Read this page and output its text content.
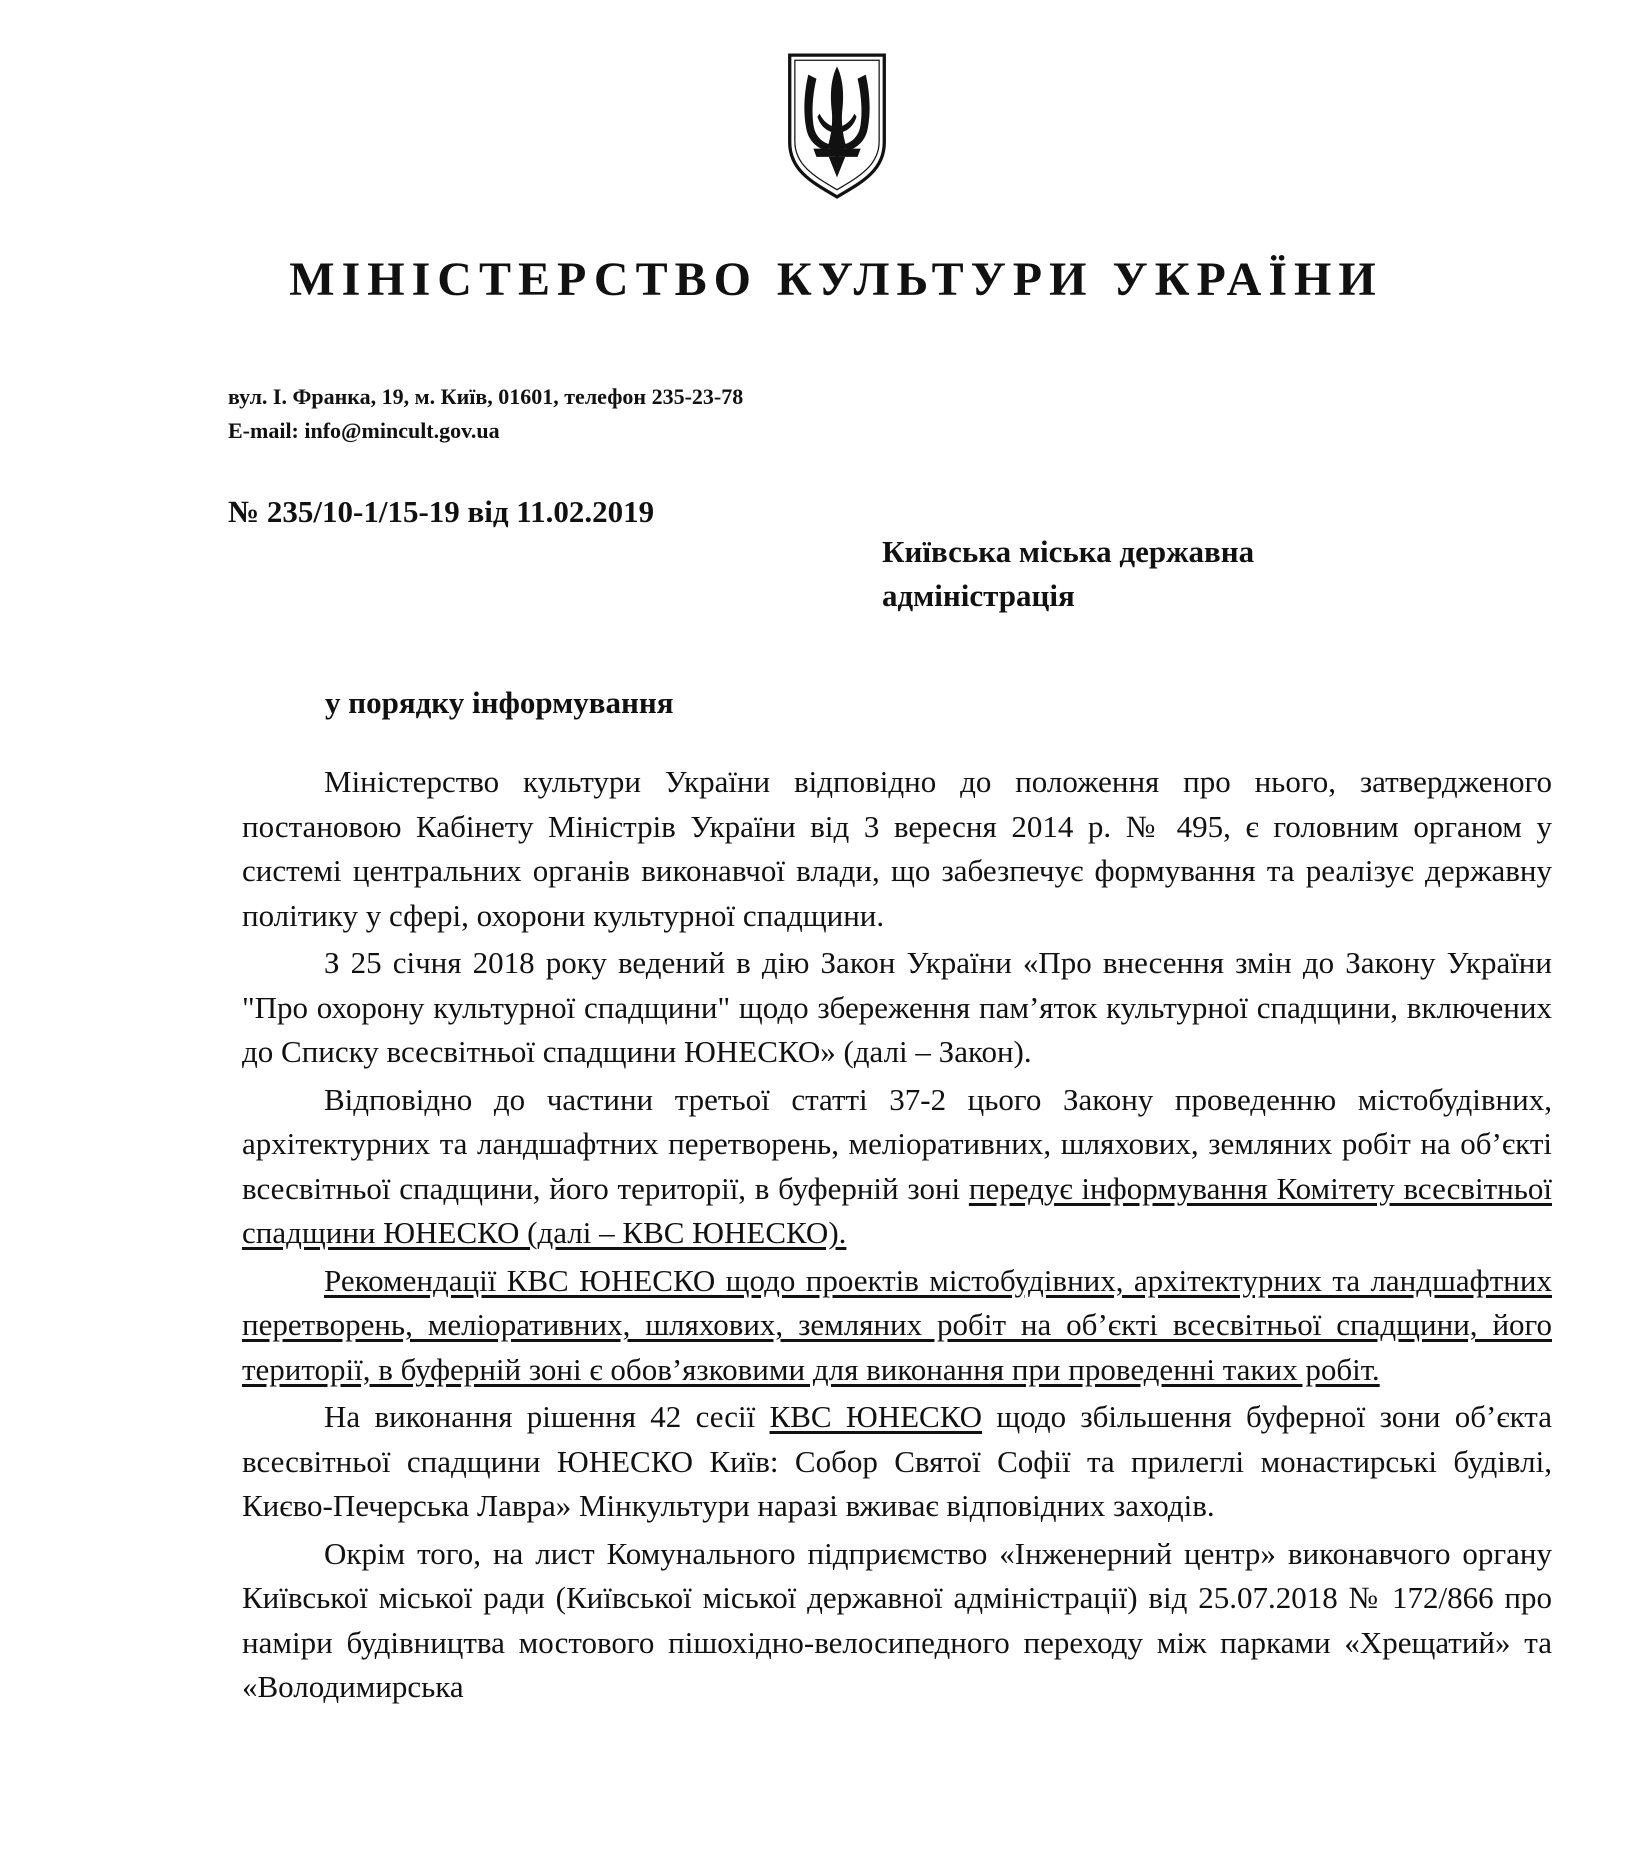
МІНІСТЕРСТВО КУЛЬТУРИ УКРАЇНИ
вул. І. Франка, 19, м. Київ, 01601, телефон 235-23-78
E-mail: info@mincult.gov.ua
№ 235/10-1/15-19 від 11.02.2019
Київська міська державна
адміністрація
у порядку інформування

Міністерство культури України відповідно до положення про нього, затвердженого постановою Кабінету Міністрів України від 3 вересня 2014 р. № 495, є головним органом у системі центральних органів виконавчої влади, що забезпечує формування та реалізує державну політику у сфері, охорони культурної спадщини.

З 25 січня 2018 року ведений в дію Закон України «Про внесення змін до Закону України "Про охорону культурної спадщини" щодо збереження пам’яток культурної спадщини, включених до Списку всесвітньої спадщини ЮНЕСКО» (далі – Закон).

Відповідно до частини третьої статті 37-2 цього Закону проведенню містобудівних, архітектурних та ландшафтних перетворень, меліоративних, шляхових, земляних робіт на об’єкті всесвітньої спадщини, його території, в буферній зоні передує інформування Комітету всесвітньої спадщини ЮНЕСКО (далі – КВС ЮНЕСКО).

Рекомендації КВС ЮНЕСКО щодо проектів містобудівних, архітектурних та ландшафтних перетворень, меліоративних, шляхових, земляних робіт на об’єкті всесвітньої спадщини, його території, в буферній зоні є обов’язковими для виконання при проведенні таких робіт.

На виконання рішення 42 сесії КВС ЮНЕСКО щодо збільшення буферної зони об’єкта всесвітньої спадщини ЮНЕСКО Київ: Собор Святої Софії та прилеглі монастирські будівлі, Києво-Печерська Лавра» Мінкультури наразі вживає відповідних заходів.

Окрім того, на лист Комунального підприємство «Інженерний центр» виконавчого органу Київської міської ради (Київської міської державної адміністрації) від 25.07.2018 № 172/866 про наміри будівництва мостового пішохідно-велосипедного переходу між парками «Хрещатий» та «Володимирська
